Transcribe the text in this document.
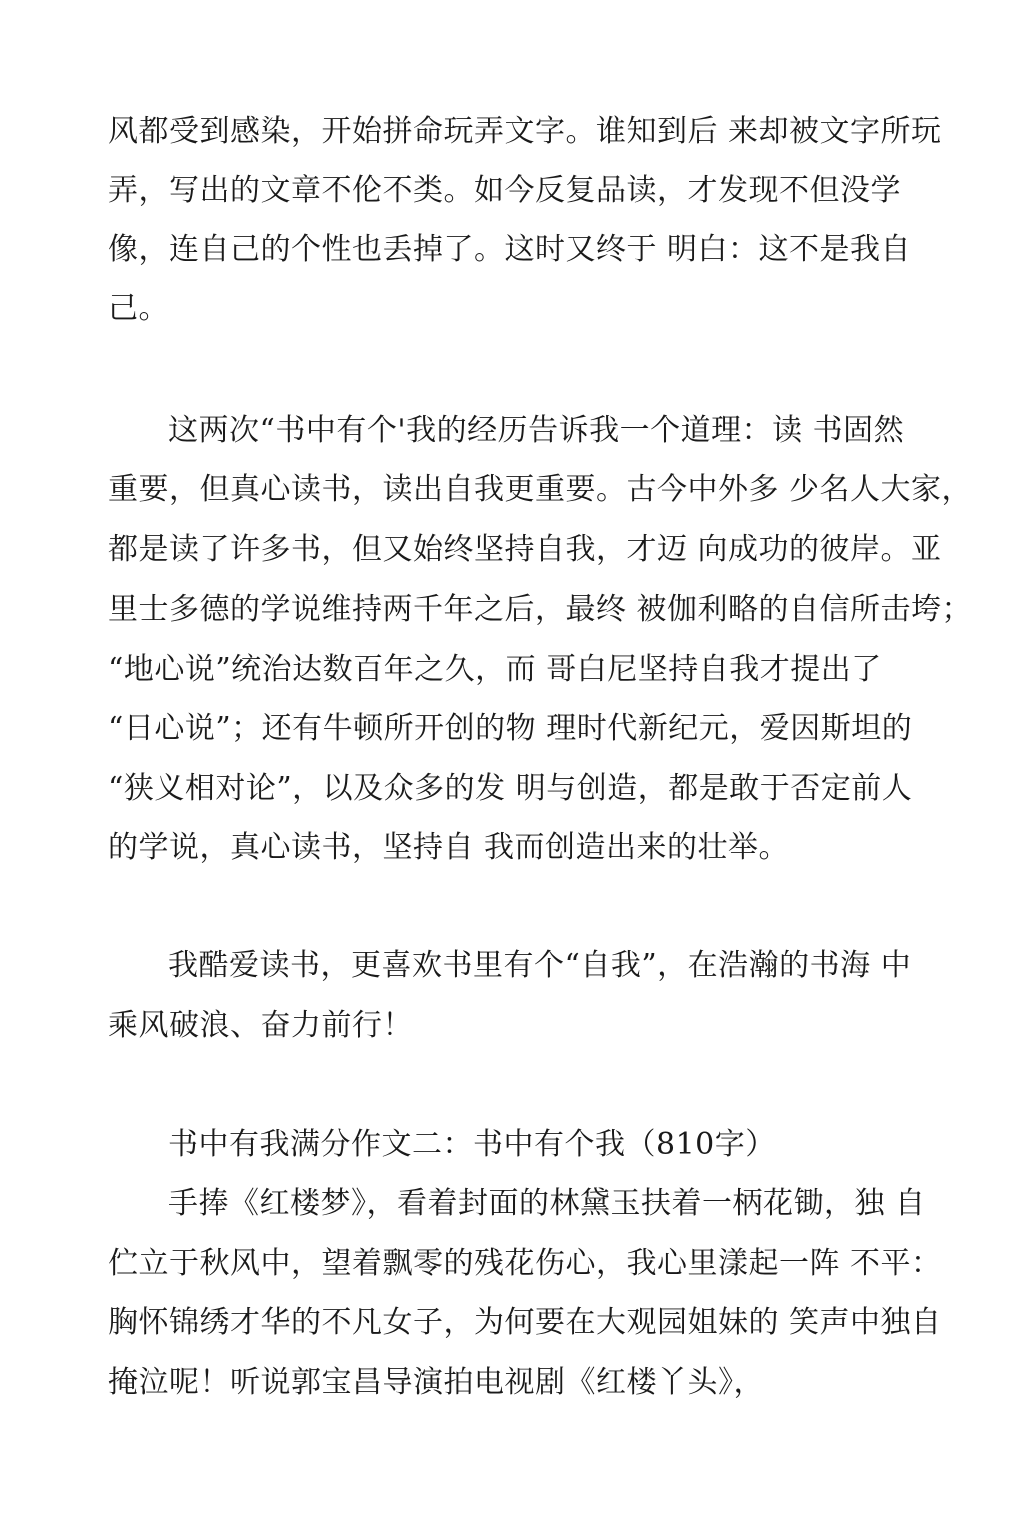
风都受到感染，开始拼命玩弄文字。谁知到后 来却被文字所玩
弄，写出的文章不伦不类。如今反复品读，才发现不但没学
像，连自己的个性也丢掉了。这时又终于 明白：这不是我自
己。
这两次“书中有个'我的经历告诉我一个道理：读 书固然
重要，但真心读书，读出自我更重要。古今中外多 少名人大家，
都是读了许多书，但又始终坚持自我，才迈 向成功的彼岸。亚
里士多德的学说维持两千年之后，最终 被伽利略的自信所击垮；
“地心说”统治达数百年之久，而 哥白尼坚持自我才提出了
“日心说”；还有牛顿所开创的物 理时代新纪元，爱因斯坦的
“狭义相对论”，以及众多的发 明与创造，都是敢于否定前人
的学说，真心读书，坚持自 我而创造出来的壮举。
我酷爱读书，更喜欢书里有个“自我”，在浩瀚的书海 中
乘风破浪、奋力前行！
书中有我满分作文二：书中有个我（810字）
手捧《红楼梦》，看着封面的林黛玉扶着一柄花锄，独 自
伫立于秋风中，望着飘零的残花伤心，我心里漾起一阵 不平：
胸怀锦绣才华的不凡女子，为何要在大观园姐妹的 笑声中独自
掩泣呢！听说郭宝昌导演拍电视剧《红楼丫头》，
